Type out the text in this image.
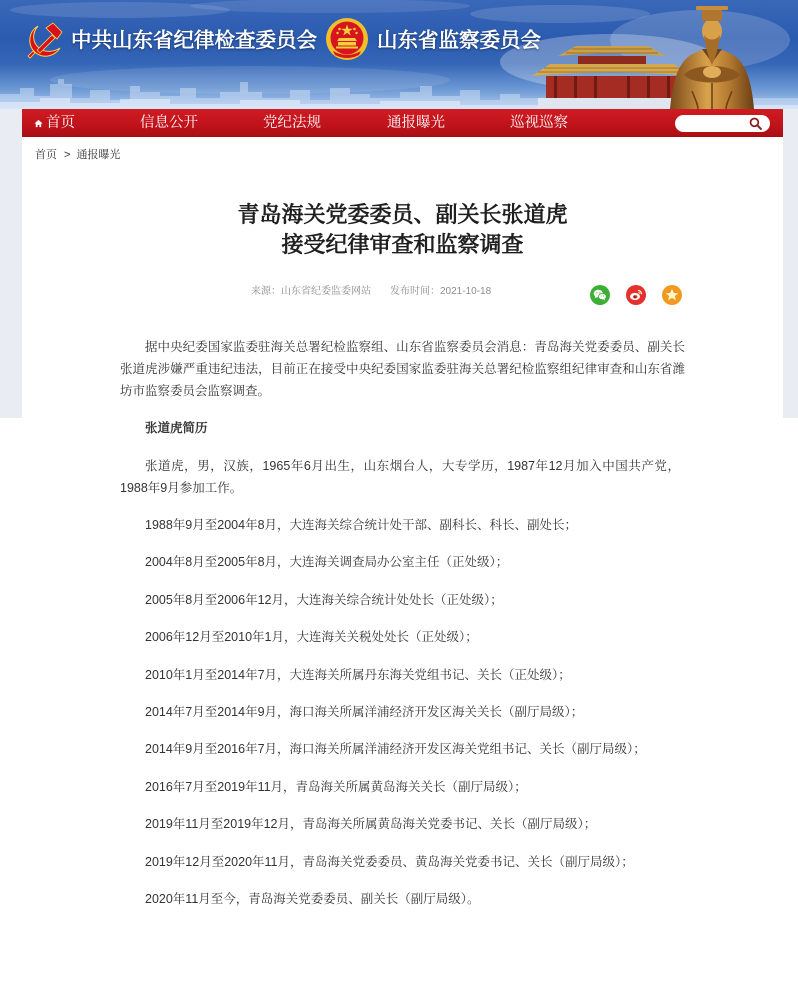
中共山东省纪律检查委员会	山东省监察委员会
首页	信息公开	党纪法规	通报曝光	巡视巡察
首页 > 通报曝光
青岛海关党委委员、副关长张道虎
接受纪律审查和监察调查
来源：山东省纪委监委网站 发布时间：2021-10-18

据中央纪委国家监委驻海关总署纪检监察组、山东省监察委员会消息：青岛海关党委委员、副关长张道虎涉嫌严重违纪违法，目前正在接受中央纪委国家监委驻海关总署纪检监察组纪律审查和山东省潍坊市监察委员会监察调查。

张道虎简历

张道虎，男，汉族，1965年6月出生，山东烟台人，大专学历，1987年12月加入中国共产党，1988年9月参加工作。

1988年9月至2004年8月，大连海关综合统计处干部、副科长、科长、副处长；

2004年8月至2005年8月，大连海关调查局办公室主任（正处级）；

2005年8月至2006年12月，大连海关综合统计处处长（正处级）；

2006年12月至2010年1月，大连海关关税处处长（正处级）；

2010年1月至2014年7月，大连海关所属丹东海关党组书记、关长（正处级）；

2014年7月至2014年9月，海口海关所属洋浦经济开发区海关关长（副厅局级）；

2014年9月至2016年7月，海口海关所属洋浦经济开发区海关党组书记、关长（副厅局级）；

2016年7月至2019年11月，青岛海关所属黄岛海关关长（副厅局级）；

2019年11月至2019年12月，青岛海关所属黄岛海关党委书记、关长（副厅局级）；

2019年12月至2020年11月，青岛海关党委委员、黄岛海关党委书记、关长（副厅局级）；

2020年11月至今，青岛海关党委委员、副关长（副厅局级）。
